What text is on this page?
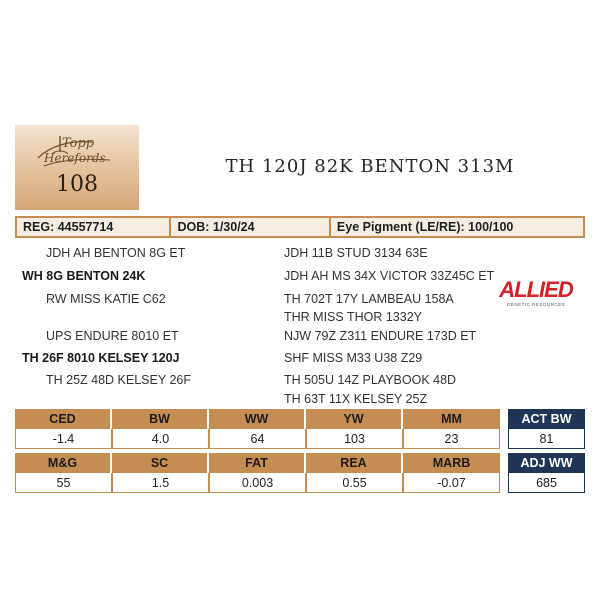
Topp
Herefords
108
TH 120J 82K BENTON 313M
REG: 44557714	DOB: 1/30/24	Eye Pigment (LE/RE): 100/100
JDH AH BENTON 8G ET
WH 8G BENTON 24K
RW MISS KATIE C62
UPS ENDURE 8010 ET
TH 26F 8010 KELSEY 120J
TH 25Z 48D KELSEY 26F
JDH 11B STUD 3134 63E
JDH AH MS 34X VICTOR 33Z45C ET
TH 702T 17Y LAMBEAU 158A
THR MISS THOR 1332Y
NJW 79Z Z311 ENDURE 173D ET
SHF MISS M33 U38 Z29
TH 505U 14Z PLAYBOOK 48D
TH 63T 11X KELSEY 25Z
ALLIED
GENETIC RESOURCES
CED	BW	WW	YW	MM
-1.4	4.0	64	103	23
M&G	SC	FAT	REA	MARB
55	1.5	0.003	0.55	-0.07
ACT BW
81
ADJ WW
685
